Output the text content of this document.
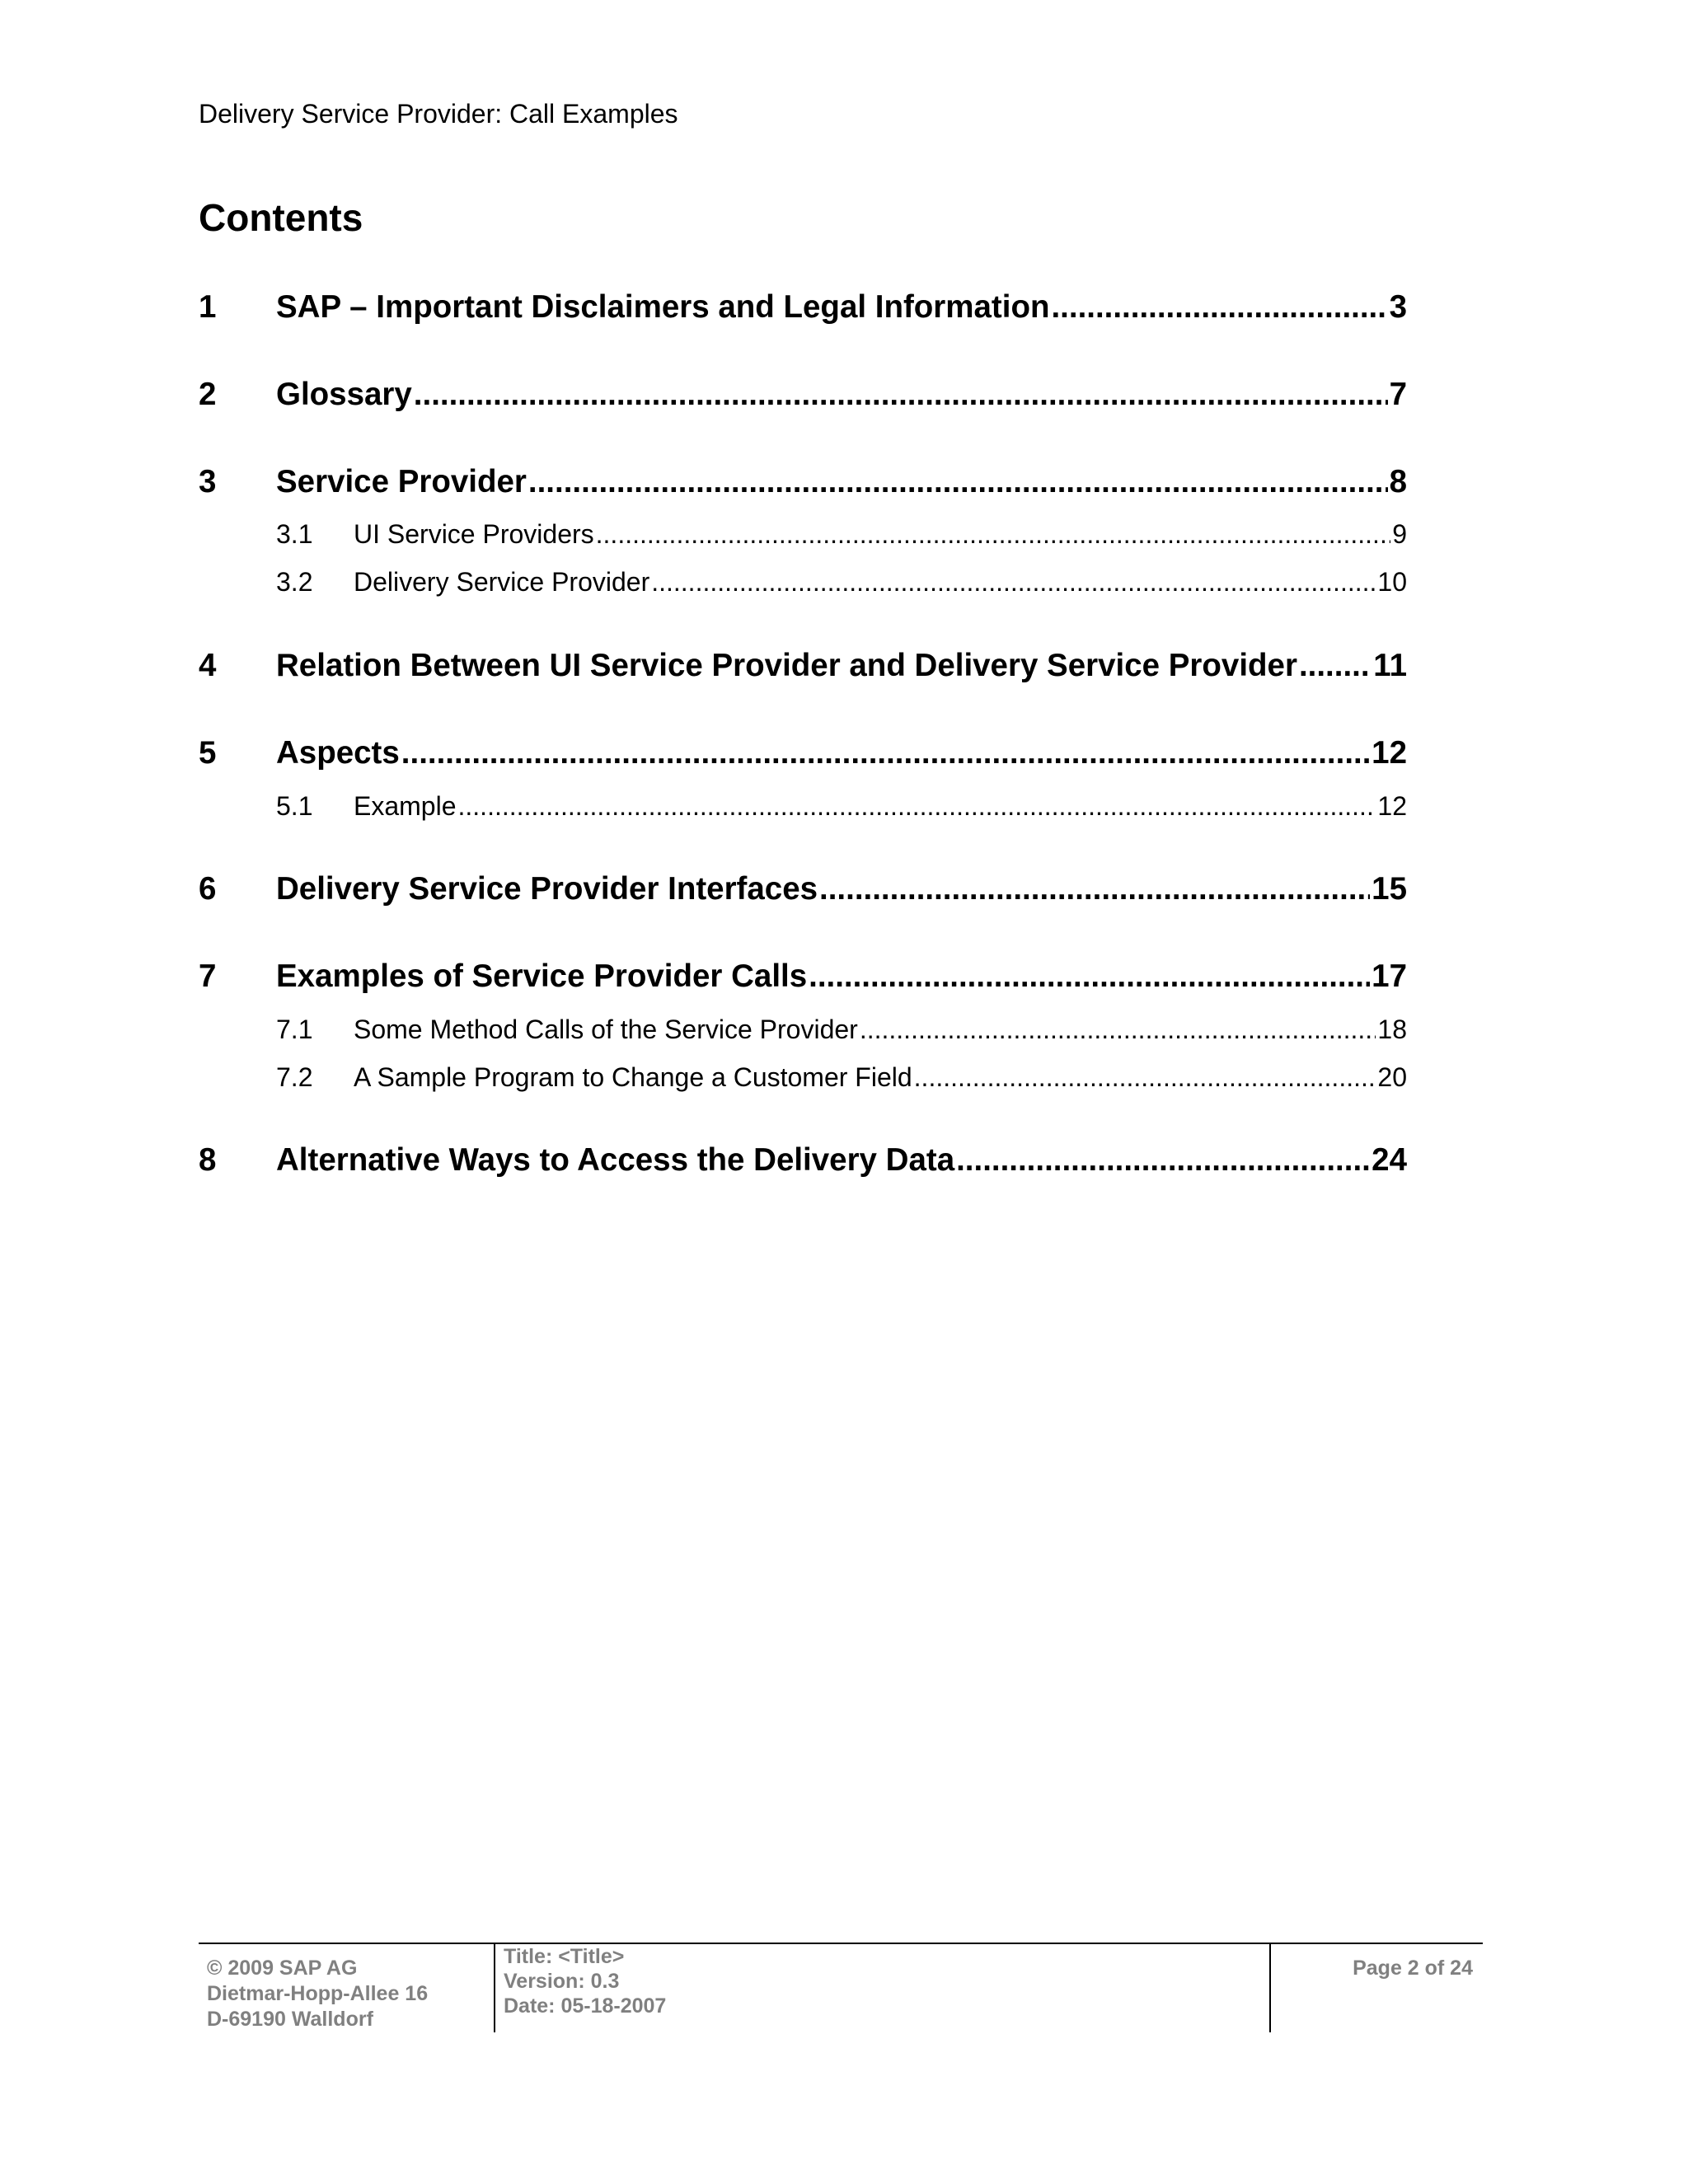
Delivery Service Provider: Call Examples
Contents
1	SAP – Important Disclaimers and Legal Information .....	3
2	Glossary .....	7
3	Service Provider .....	8
3.1	UI Service Providers .....	9
3.2	Delivery Service Provider .....	10
4	Relation Between UI Service Provider and Delivery Service Provider ..... 11
5	Aspects .....	12
5.1	Example .....	12
6	Delivery Service Provider Interfaces .....	15
7	Examples of Service Provider Calls .....	17
7.1	Some Method Calls of the Service Provider .....	18
7.2	A Sample Program to Change a Customer Field .....	20
8	Alternative Ways to Access the Delivery Data .....	24
© 2009 SAP AG
Dietmar-Hopp-Allee 16
D-69190 Walldorf
Title: <Title>
Version: 0.3
Date: 05-18-2007
Page 2 of 24
